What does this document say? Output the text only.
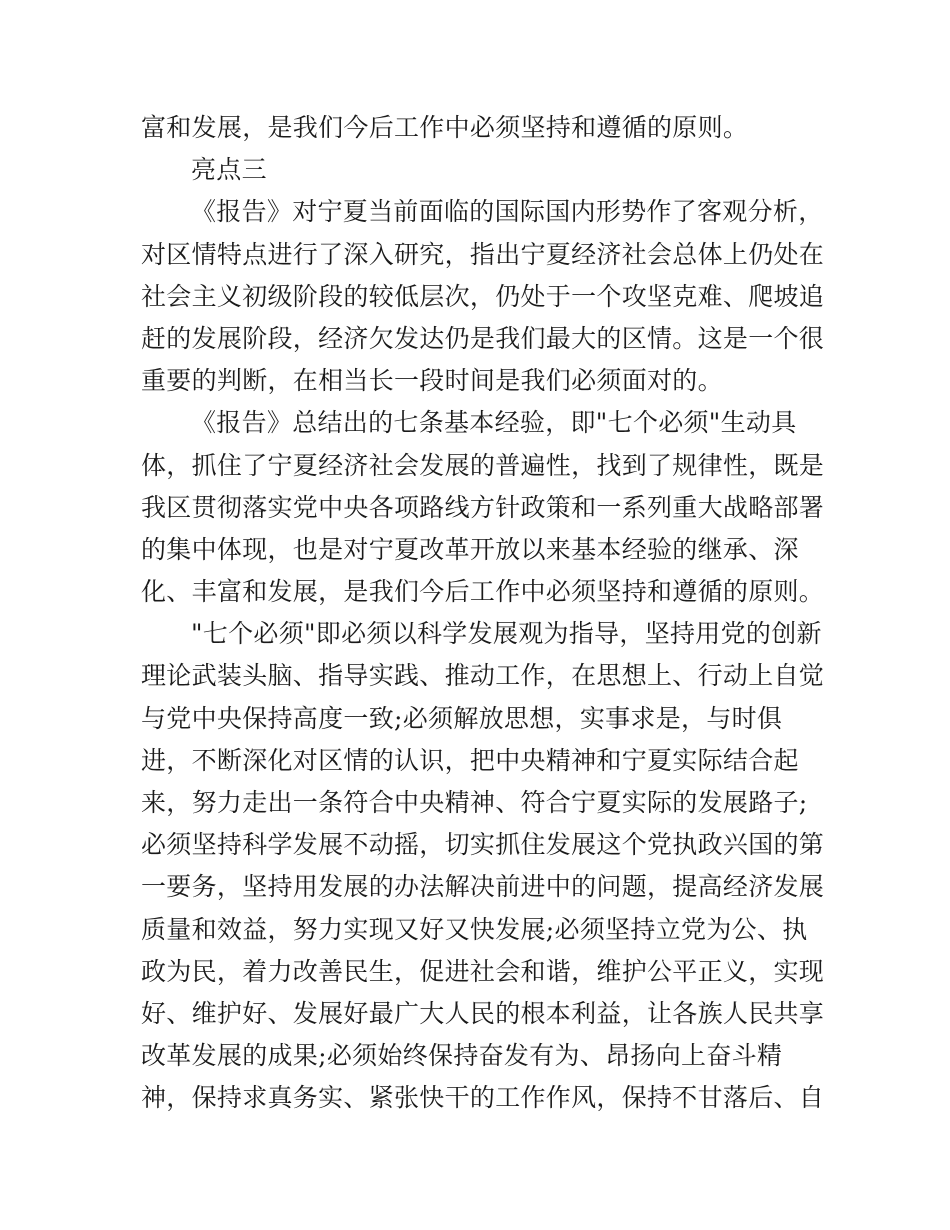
富和发展，是我们今后工作中必须坚持和遵循的原则。
亮点三
《报告》对宁夏当前面临的国际国内形势作了客观分析，
对区情特点进行了深入研究，指出宁夏经济社会总体上仍处在
社会主义初级阶段的较低层次，仍处于一个攻坚克难、爬坡追
赶的发展阶段，经济欠发达仍是我们最大的区情。这是一个很
重要的判断，在相当长一段时间是我们必须面对的。
《报告》总结出的七条基本经验，即"七个必须"生动具
体，抓住了宁夏经济社会发展的普遍性，找到了规律性，既是
我区贯彻落实党中央各项路线方针政策和一系列重大战略部署
的集中体现，也是对宁夏改革开放以来基本经验的继承、深
化、丰富和发展，是我们今后工作中必须坚持和遵循的原则。
"七个必须"即必须以科学发展观为指导，坚持用党的创新
理论武装头脑、指导实践、推动工作，在思想上、行动上自觉
与党中央保持高度一致;必须解放思想，实事求是，与时俱
进，不断深化对区情的认识，把中央精神和宁夏实际结合起
来，努力走出一条符合中央精神、符合宁夏实际的发展路子;
必须坚持科学发展不动摇，切实抓住发展这个党执政兴国的第
一要务，坚持用发展的办法解决前进中的问题，提高经济发展
质量和效益，努力实现又好又快发展;必须坚持立党为公、执
政为民，着力改善民生，促进社会和谐，维护公平正义，实现
好、维护好、发展好最广大人民的根本利益，让各族人民共享
改革发展的成果;必须始终保持奋发有为、昂扬向上奋斗精
神，保持求真务实、紧张快干的工作作风，保持不甘落后、自
